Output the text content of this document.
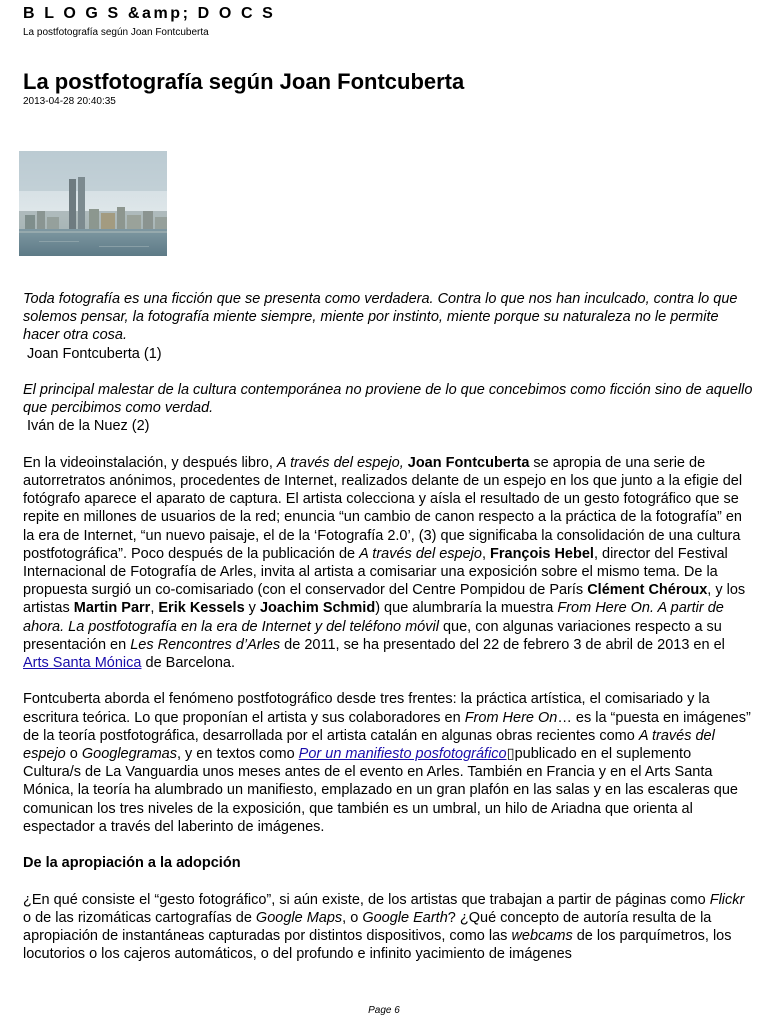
B L O G S &amp; D O C S
La postfotografía según Joan Fontcuberta
La postfotografía según Joan Fontcuberta
2013-04-28 20:40:35

Toda fotografía es una ficción que se presenta como verdadera. Contra lo que nos han inculcado, contra lo que solemos pensar, la fotografía miente siempre, miente por instinto, miente porque su naturaleza no le permite hacer otra cosa.
Joan Fontcuberta (1)

El principal malestar de la cultura contemporánea no proviene de lo que concebimos como ficción sino de aquello que percibimos como verdad.
Iván de la Nuez (2)

En la videoinstalación, y después libro, A través del espejo, Joan Fontcuberta se apropia de una serie de autorretratos anónimos, procedentes de Internet, realizados delante de un espejo en los que junto a la efigie del fotógrafo aparece el aparato de captura. El artista colecciona y aísla el resultado de un gesto fotográfico que se repite en millones de usuarios de la red; enuncia “un cambio de canon respecto a la práctica de la fotografía” en la era de Internet, “un nuevo paisaje, el de la ‘Fotografía 2.0’, (3) que significaba la consolidación de una cultura postfotográfica”. Poco después de la publicación de A través del espejo, François Hebel, director del Festival Internacional de Fotografía de Arles, invita al artista a comisariar una exposición sobre el mismo tema. De la propuesta surgió un co-comisariado (con el conservador del Centre Pompidou de París Clément Chéroux, y los artistas Martin Parr, Erik Kessels y Joachim Schmid) que alumbraría la muestra From Here On. A partir de ahora. La postfotografía en la era de Internet y del teléfono móvil que, con algunas variaciones respecto a su presentación en Les Rencontres d’Arles de 2011, se ha presentado del 22 de febrero 3 de abril de 2013 en el Arts Santa Mónica de Barcelona.

Fontcuberta aborda el fenómeno postfotográfico desde tres frentes: la práctica artística, el comisariado y la escritura teórica. Lo que proponían el artista y sus colaboradores en From Here On… es la “puesta en imágenes” de la teoría postfotográfica, desarrollada por el artista catalán en algunas obras recientes como A través del espejo o Googlegramas, y en textos como Por un manifiesto posfotográfico▯publicado en el suplemento Cultura/s de La Vanguardia unos meses antes de el evento en Arles. También en Francia y en el Arts Santa Mónica, la teoría ha alumbrado un manifiesto, emplazado en un gran plafón en las salas y en las escaleras que comunican los tres niveles de la exposición, que también es un umbral, un hilo de Ariadna que orienta al espectador a través del laberinto de imágenes.

De la apropiación a la adopción

¿En qué consiste el “gesto fotográfico”, si aún existe, de los artistas que trabajan a partir de páginas como Flickr o de las rizomáticas cartografías de Google Maps, o Google Earth? ¿Qué concepto de autoría resulta de la apropiación de instantáneas capturadas por distintos dispositivos, como las webcams de los parquímetros, los locutorios o los cajeros automáticos, o del profundo e infinito yacimiento de imágenes

Page 6
